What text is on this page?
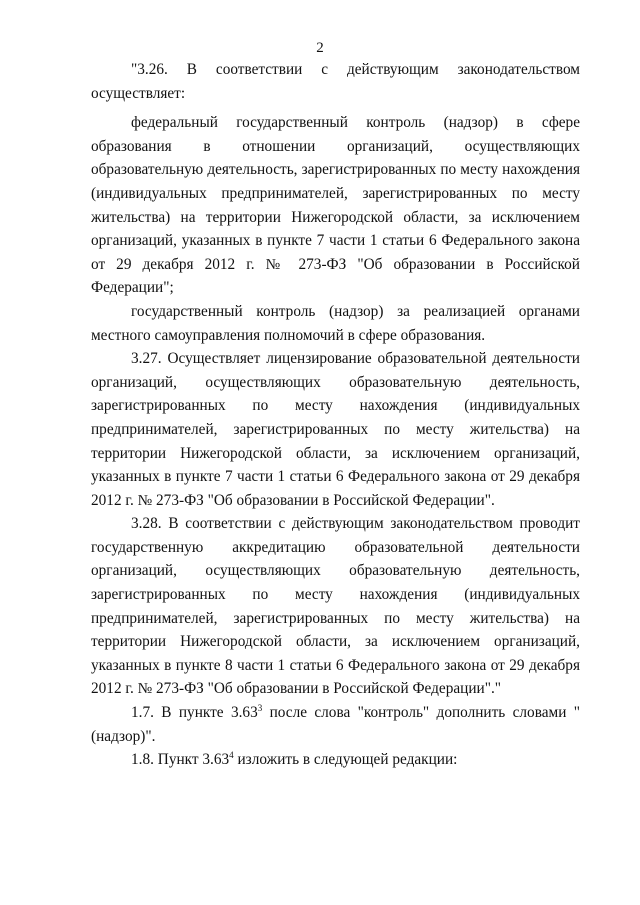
2

"3.26. В соответствии с действующим законодательством осуществляет:

федеральный государственный контроль (надзор) в сфере образования в отношении организаций, осуществляющих образовательную деятельность, зарегистрированных по месту нахождения (индивидуальных предпринимателей, зарегистрированных по месту жительства) на территории Нижегородской области, за исключением организаций, указанных в пункте 7 части 1 статьи 6 Федерального закона от 29 декабря 2012 г. № 273-ФЗ "Об образовании в Российской Федерации";

государственный контроль (надзор) за реализацией органами местного самоуправления полномочий в сфере образования.

3.27. Осуществляет лицензирование образовательной деятельности организаций, осуществляющих образовательную деятельность, зарегистрированных по месту нахождения (индивидуальных предпринимателей, зарегистрированных по месту жительства) на территории Нижегородской области, за исключением организаций, указанных в пункте 7 части 1 статьи 6 Федерального закона от 29 декабря 2012 г. № 273-ФЗ "Об образовании в Российской Федерации".

3.28. В соответствии с действующим законодательством проводит государственную аккредитацию образовательной деятельности организаций, осуществляющих образовательную деятельность, зарегистрированных по месту нахождения (индивидуальных предпринимателей, зарегистрированных по месту жительства) на территории Нижегородской области, за исключением организаций, указанных в пункте 8 части 1 статьи 6 Федерального закона от 29 декабря 2012 г. № 273-ФЗ "Об образовании в Российской Федерации"."

1.7. В пункте 3.63$^3$ после слова "контроль" дополнить словами "(надзор)".

1.8. Пункт 3.63$^4$ изложить в следующей редакции:
